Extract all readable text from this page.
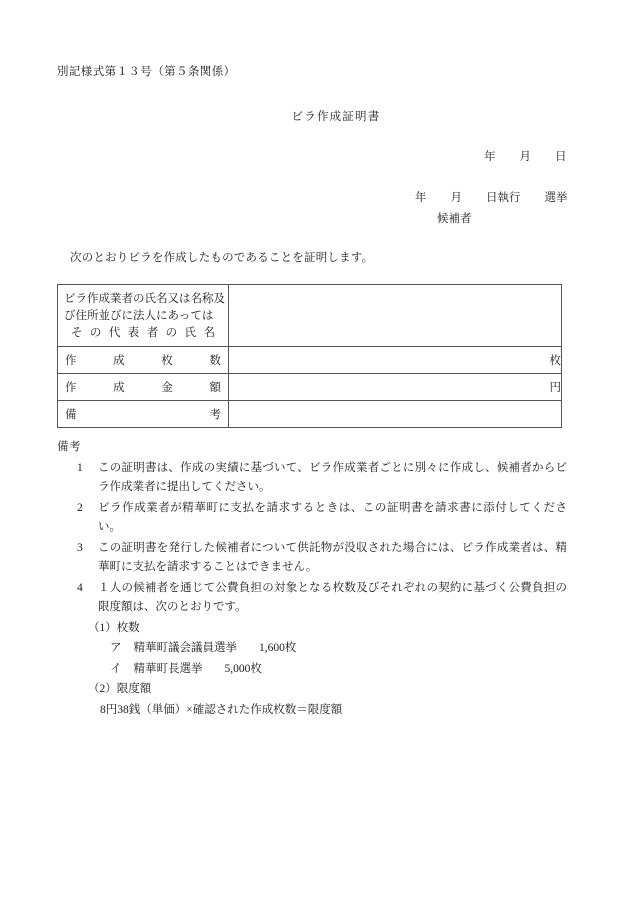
別記様式第１３号（第５条関係）
ビラ作成証明書
年 月 日
年 月 日執行 選挙
候補者
次のとおりビラを作成したものであることを証明します。
ビラ作成業者の氏名又は名称及
び住所並びに法人にあっては
そ の 代 表 者 の 氏 名

作 成 枚 数	枚

作 成 金 額	円

備 考	

備考
1	この証明書は、作成の実績に基づいて、ビラ作成業者ごとに別々に作成し、候補者からビラ作成業者に提出してください。
2	ビラ作成業者が精華町に支払を請求するときは、この証明書を請求書に添付してください。
3	この証明書を発行した候補者について供託物が没収された場合には、ビラ作成業者は、精華町に支払を請求することはできません。
4	１人の候補者を通じて公費負担の対象となる枚数及びそれぞれの契約に基づく公費負担の限度額は、次のとおりです。
（1）枚数
ア 精華町議会議員選挙 1,600枚
イ 精華町長選挙 5,000枚
（2）限度額
8円38銭（単価）×確認された作成枚数＝限度額
